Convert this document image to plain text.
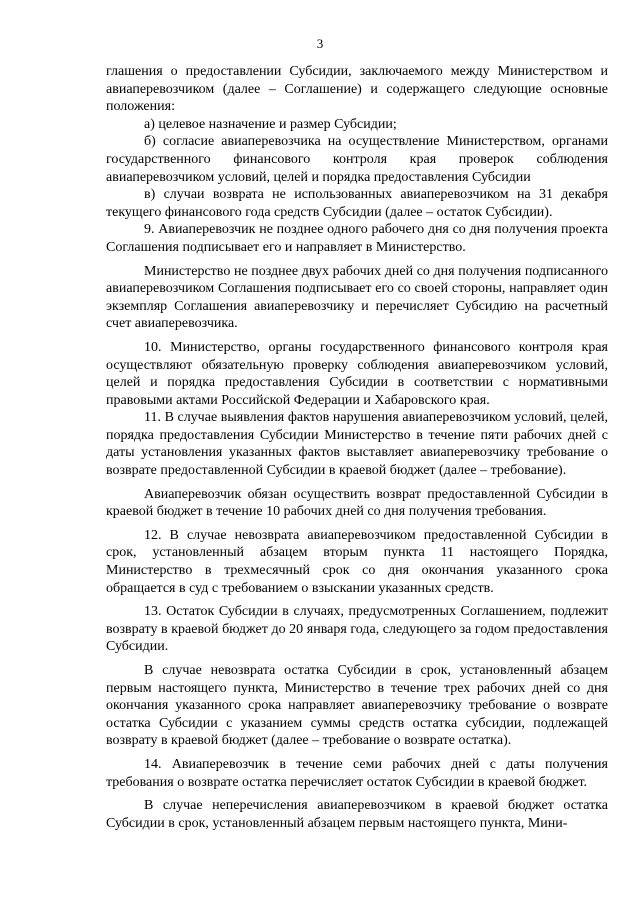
3

глашения о предоставлении Субсидии, заключаемого между Министерством и авиаперевозчиком (далее – Соглашение) и содержащего следующие основные положения:

а) целевое назначение и размер Субсидии;

б) согласие авиаперевозчика на осуществление Министерством, органами государственного финансового контроля края проверок соблюдения авиаперевозчиком условий, целей и порядка предоставления Субсидии

в) случаи возврата не использованных авиаперевозчиком на 31 декабря текущего финансового года средств Субсидии (далее – остаток Субсидии).

9. Авиаперевозчик не позднее одного рабочего дня со дня получения проекта Соглашения подписывает его и направляет в Министерство.

Министерство не позднее двух рабочих дней со дня получения подписанного авиаперевозчиком Соглашения подписывает его со своей стороны, направляет один экземпляр Соглашения авиаперевозчику и перечисляет Субсидию на расчетный счет авиаперевозчика.

10. Министерство, органы государственного финансового контроля края осуществляют обязательную проверку соблюдения авиаперевозчиком условий, целей и порядка предоставления Субсидии в соответствии с нормативными правовыми актами Российской Федерации и Хабаровского края.

11. В случае выявления фактов нарушения авиаперевозчиком условий, целей, порядка предоставления Субсидии Министерство в течение пяти рабочих дней с даты установления указанных фактов выставляет авиаперевозчику требование о возврате предоставленной Субсидии в краевой бюджет (далее – требование).

Авиаперевозчик обязан осуществить возврат предоставленной Субсидии в краевой бюджет в течение 10 рабочих дней со дня получения требования.

12. В случае невозврата авиаперевозчиком предоставленной Субсидии в срок, установленный абзацем вторым пункта 11 настоящего Порядка, Министерство в трехмесячный срок со дня окончания указанного срока обращается в суд с требованием о взыскании указанных средств.

13. Остаток Субсидии в случаях, предусмотренных Соглашением, подлежит возврату в краевой бюджет до 20 января года, следующего за годом предоставления Субсидии.

В случае невозврата остатка Субсидии в срок, установленный абзацем первым настоящего пункта, Министерство в течение трех рабочих дней со дня окончания указанного срока направляет авиаперевозчику требование о возврате остатка Субсидии с указанием суммы средств остатка субсидии, подлежащей возврату в краевой бюджет (далее – требование о возврате остатка).

14. Авиаперевозчик в течение семи рабочих дней с даты получения требования о возврате остатка перечисляет остаток Субсидии в краевой бюджет.

В случае неперечисления авиаперевозчиком в краевой бюджет остатка Субсидии в срок, установленный абзацем первым настоящего пункта, Мини-
